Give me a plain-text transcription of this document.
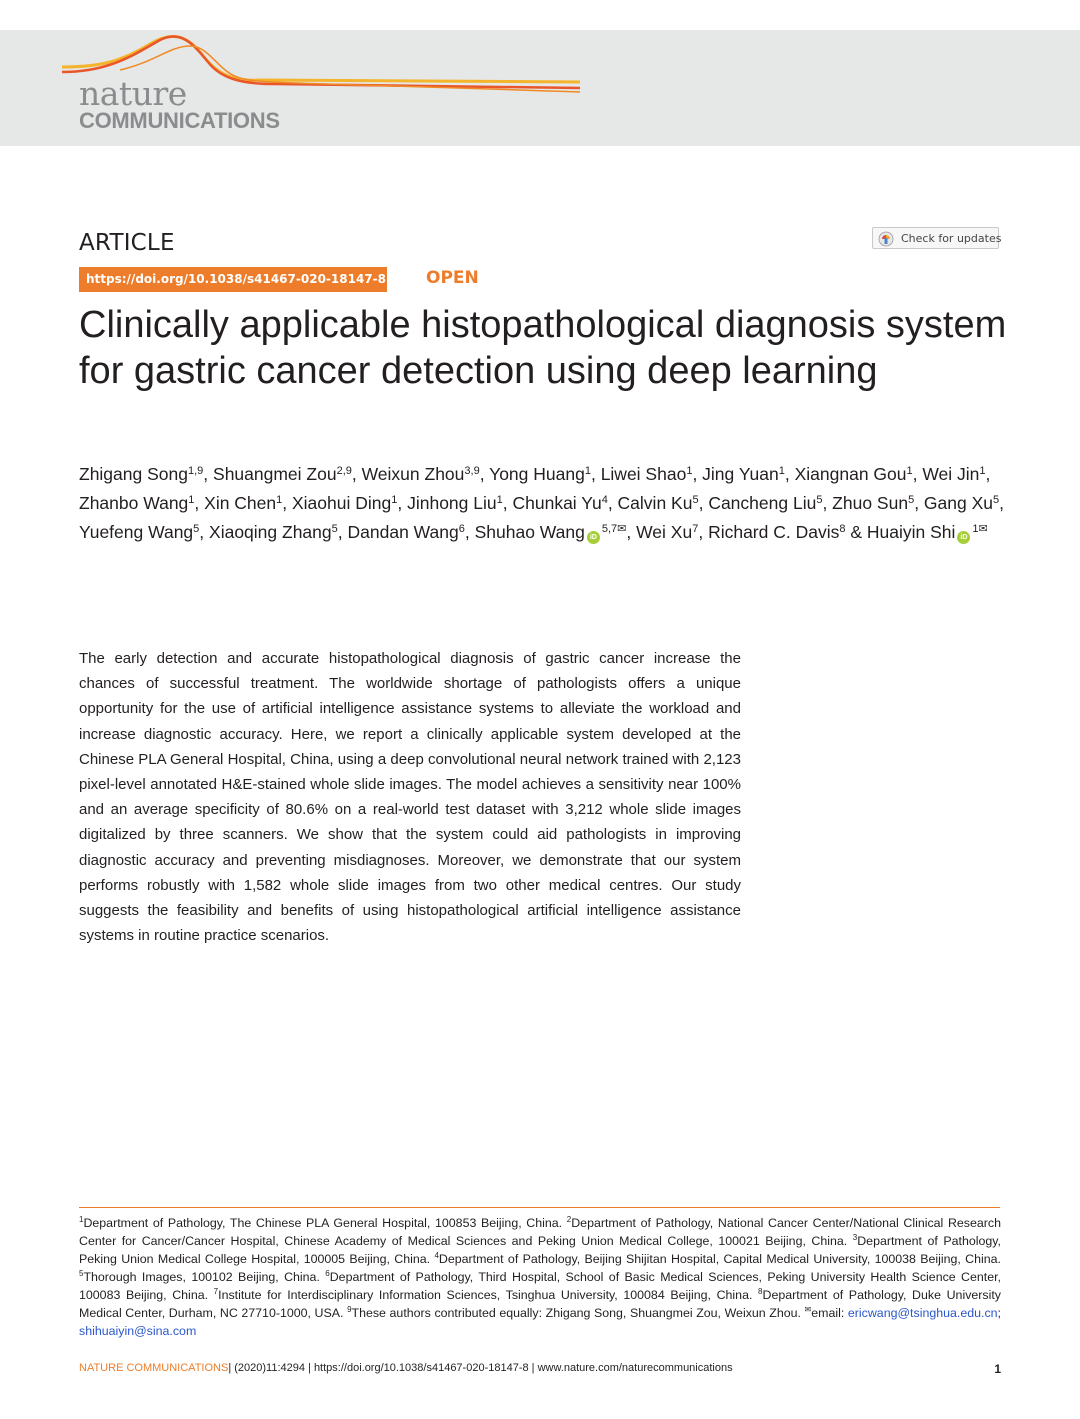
nature
COMMUNICATIONS
ARTICLE	Check for updates
https://doi.org/10.1038/s41467-020-18147-8 OPEN
Clinically applicable histopathological diagnosis system for gastric cancer detection using deep learning

Zhigang Song$^{1,9}$, Shuangmei Zou$^{2,9}$, Weixun Zhou$^{3,9}$, Yong Huang$^1$, Liwei Shao$^1$, Jing Yuan$^1$, Xiangnan Gou$^1$, Wei Jin$^1$, Zhanbo Wang$^1$, Xin Chen$^1$, Xiaohui Ding$^1$, Jinhong Liu$^1$, Chunkai Yu$^4$, Calvin Ku$^5$, Cancheng Liu$^5$, Zhuo Sun$^5$, Gang Xu$^5$, Yuefeng Wang$^5$, Xiaoqing Zhang$^5$, Dandan Wang$^6$, Shuhao Wang $iD^{5,7✉}$, Wei Xu$^7$, Richard C. Davis$^8$ & Huaiyin Shi $iD^{1✉}$

The early detection and accurate histopathological diagnosis of gastric cancer increase the chances of successful treatment. The worldwide shortage of pathologists offers a unique opportunity for the use of artificial intelligence assistance systems to alleviate the workload and increase diagnostic accuracy. Here, we report a clinically applicable system developed at the Chinese PLA General Hospital, China, using a deep convolutional neural network trained with 2,123 pixel-level annotated H&E-stained whole slide images. The model achieves a sensitivity near 100% and an average specificity of 80.6% on a real-world test dataset with 3,212 whole slide images digitalized by three scanners. We show that the system could aid pathologists in improving diagnostic accuracy and preventing misdiagnoses. Moreover, we demonstrate that our system performs robustly with 1,582 whole slide images from two other medical centres. Our study suggests the feasibility and benefits of using histopathological artificial intelligence assistance systems in routine practice scenarios.

$^1$Department of Pathology, The Chinese PLA General Hospital, 100853 Beijing, China. $^2$Department of Pathology, National Cancer Center/National Clinical Research Center for Cancer/Cancer Hospital, Chinese Academy of Medical Sciences and Peking Union Medical College, 100021 Beijing, China. $^3$Department of Pathology, Peking Union Medical College Hospital, 100005 Beijing, China. $^4$Department of Pathology, Beijing Shijitan Hospital, Capital Medical University, 100038 Beijing, China. $^5$Thorough Images, 100102 Beijing, China. $^6$Department of Pathology, Third Hospital, School of Basic Medical Sciences, Peking University Health Science Center, 100083 Beijing, China. $^7$Institute for Interdisciplinary Information Sciences, Tsinghua University, 100084 Beijing, China. $^8$Department of Pathology, Duke University Medical Center, Durham, NC 27710-1000, USA. $^9$These authors contributed equally: Zhigang Song, Shuangmei Zou, Weixun Zhou. ✉email: ericwang@tsinghua.edu.cn; shihuaiyin@sina.com

NATURE COMMUNICATIONS| (2020)11:4294 | https://doi.org/10.1038/s41467-020-18147-8 | www.nature.com/naturecommunications	1
